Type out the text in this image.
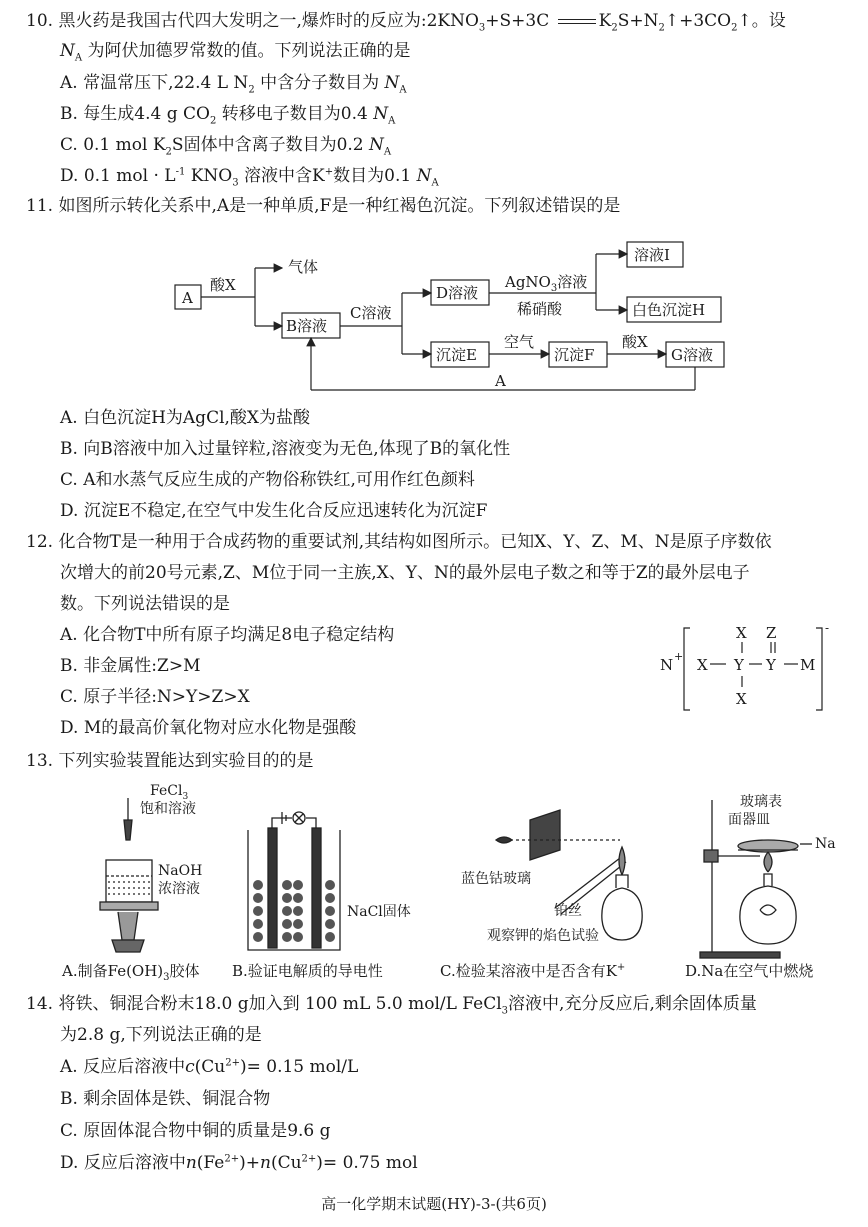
10. 黑火药是我国古代四大发明之一,爆炸时的反应为$:2KNO_3+S+3C$	$K_2S+N_2↑+3CO_2↑$。设
$N_A$ 为阿伏加德罗常数的值。下列说法正确的是
A. 常温常压下,22.4 L $N_2$ 中含分子数目为 $N_A$
B. 每生成4.4 g $CO_2$ 转移电子数目为0.4 $N_A$
C. 0.1 mol $K_2S$固体中含离子数目为0.2 $N_A$
D. 0.1 mol · $L^{-1}$ $KNO_3$ 溶液中含K+数目为0.1 $N_A$
11. 如图所示转化关系中,A是一种单质,F是一种红褐色沉淀。下列叙述错误的是
A
酸X
气体
B溶液
C溶液
D溶液
AgNO$_3$溶液
稀硝酸
溶液I
白色沉淀H
沉淀E
空气
沉淀F
酸X
G溶液
A
A. 白色沉淀H为AgCl,酸X为盐酸
B. 向B溶液中加入过量锌粒,溶液变为无色,体现了B的氧化性
C. A和水蒸气反应生成的产物俗称铁红,可用作红色颜料
D. 沉淀E不稳定,在空气中发生化合反应迅速转化为沉淀F
12. 化合物T是一种用于合成药物的重要试剂,其结构如图所示。已知X、Y、Z、M、N是原子序数依
次增大的前20号元素,Z、M位于同一主族,X、Y、N的最外层电子数之和等于Z的最外层电子
数。下列说法错误的是
A. 化合物T中所有原子均满足8电子稳定结构
B. 非金属性:Z>M
C. 原子半径:N>Y>Z>X
D. M的最高价氧化物对应水化物是强酸
N +
X Z
X Y Y M
X
-
13. 下列实验装置能达到实验目的的是
FeCl$_3$
饱和溶液
NaOH
浓溶液
NaCl固体
蓝色钴玻璃
铂丝
观察钾的焰色试验
玻璃表
面器皿
Na
A.制备$Fe(OH)_3$胶体 B.验证电解质的导电性	C.检验某溶液中是否含有K+	D.Na在空气中燃烧
14. 将铁、铜混合粉末18.0 g加入到 100 mL 5.0 mol/L FeCl$_3$溶液中,充分反应后,剩余固体质量
为2.8 g,下列说法正确的是
A. 反应后溶液中$c(Cu^{2+})= 0.15$ mol/L
B. 剩余固体是铁、铜混合物
C. 原固体混合物中铜的质量是9.6 g
D. 反应后溶液中$n(Fe^{2+})+n(Cu^{2+})= 0.75$ mol
高一化学期末试题(HY)-3-(共6页)
